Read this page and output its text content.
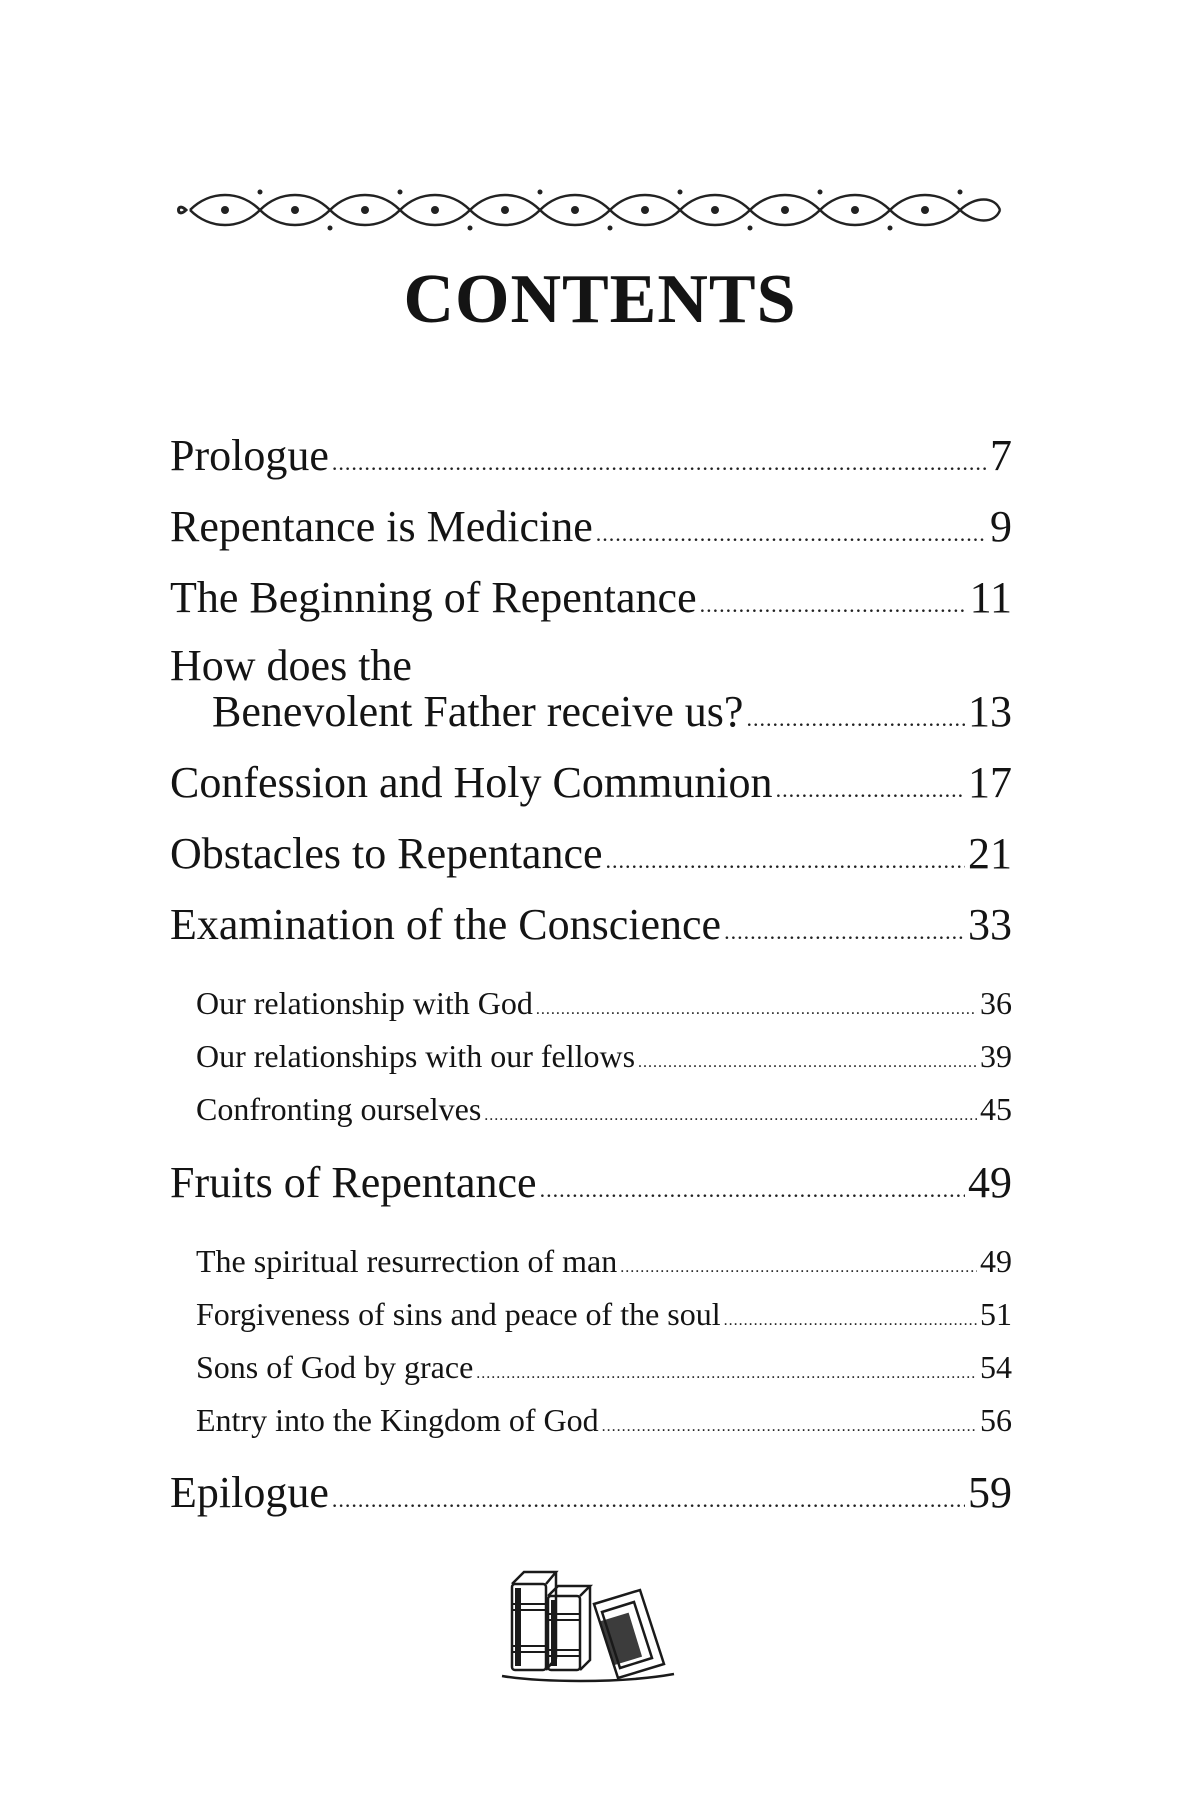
CONTENTS
Prologue .....	7
Repentance is Medicine .....	9
The Beginning of Repentance .....	11
How does the
Benevolent Father receive us? .....	13
Confession and Holy Communion .....	17
Obstacles to Repentance .....	21
Examination of the Conscience .....	33
Our relationship with God .....	36
Our relationships with our fellows .....	39
Confronting ourselves .....	45
Fruits of Repentance .....	49
The spiritual resurrection of man .....	49
Forgiveness of sins and peace of the soul .....	51
Sons of God by grace .....	54
Entry into the Kingdom of God .....	56
Epilogue .....	59
